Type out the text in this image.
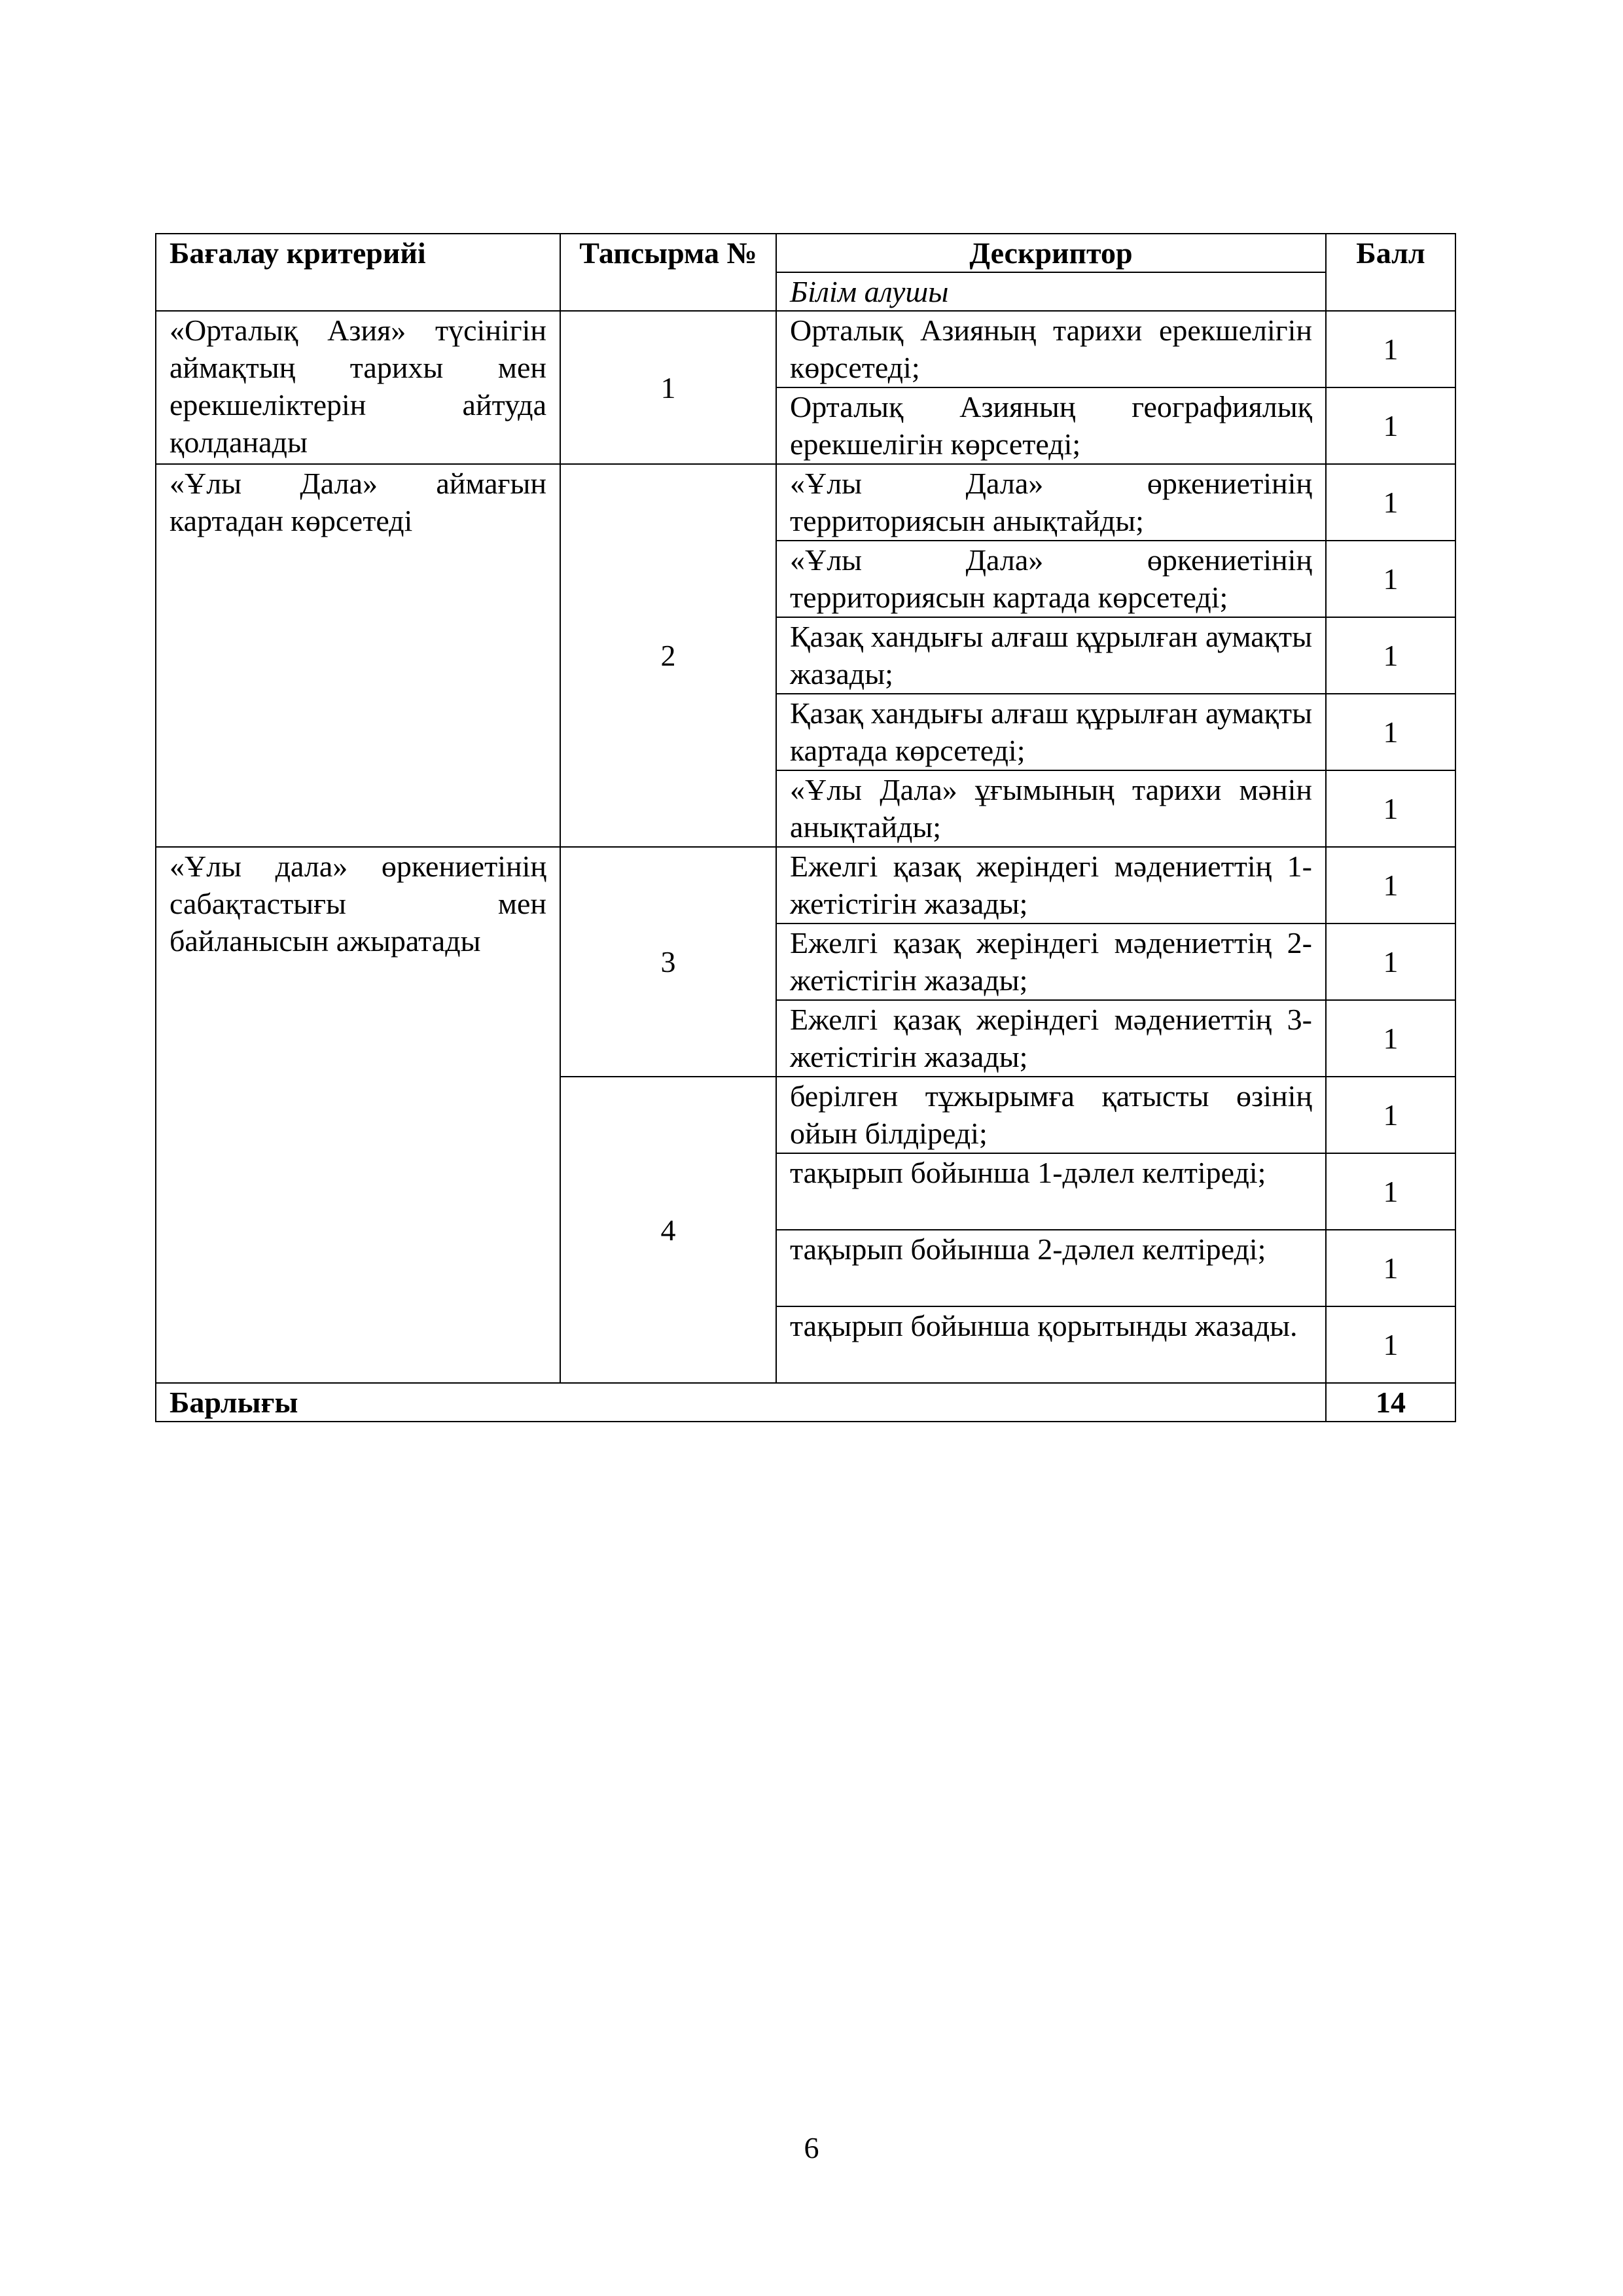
Бағалау критерийі	Тапсырма №	Дескриптор	Балл
		Білім алушы	
«Орталық Азия» түсінігін аймақтың тарихы мен ерекшеліктерін айтуда қолданады	1	Орталық Азияның тарихи ерекшелігін көрсетеді;	1
		Орталық Азияның географиялық ерекшелігін көрсетеді;	1
«Ұлы Дала» аймағын картадан көрсетеді	2	«Ұлы Дала» өркениетінің территориясын анықтайды;	1
		«Ұлы Дала» өркениетінің территориясын картада көрсетеді;	1
		Қазақ хандығы алғаш құрылған аумақты жазады;	1
		Қазақ хандығы алғаш құрылған аумақты картада көрсетеді;	1
		«Ұлы Дала» ұғымының тарихи мәнін анықтайды;	1
«Ұлы дала» өркениетінің сабақтастығы мен байланысын ажыратады	3	Ежелгі қазақ жеріндегі мәдениеттің 1-жетістігін жазады;	1
		Ежелгі қазақ жеріндегі мәдениеттің 2-жетістігін жазады;	1
		Ежелгі қазақ жеріндегі мәдениеттің 3-жетістігін жазады;	1
	4	берілген тұжырымға қатысты өзінің ойын білдіреді;	1
		тақырып бойынша 1-дәлел келтіреді;	1
		тақырып бойынша 2-дәлел келтіреді;	1
		тақырып бойынша қорытынды жазады.	1
Барлығы			14
6
